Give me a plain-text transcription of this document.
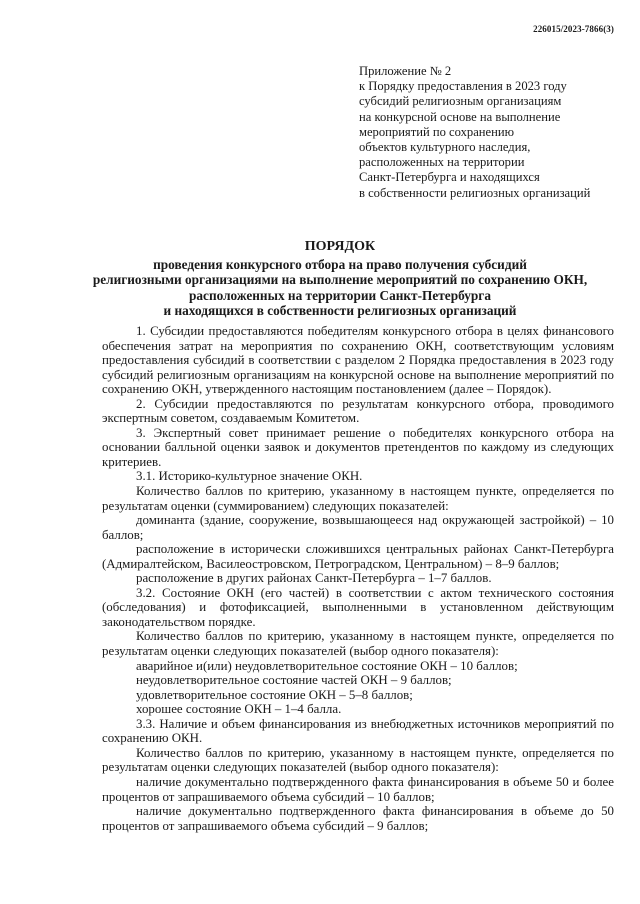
226015/2023-7866(3)
Приложение № 2
к Порядку предоставления в 2023 году
субсидий религиозным организациям
на конкурсной основе на выполнение
мероприятий по сохранению
объектов культурного наследия,
расположенных на территории
Санкт-Петербурга и находящихся
в собственности религиозных организаций
ПОРЯДОК
проведения конкурсного отбора на право получения субсидий
религиозными организациями на выполнение мероприятий по сохранению ОКН,
расположенных на территории Санкт-Петербурга
и находящихся в собственности религиозных организаций

1. Субсидии предоставляются победителям конкурсного отбора в целях финансового обеспечения затрат на мероприятия по сохранению ОКН, соответствующим условиям предоставления субсидий в соответствии с разделом 2 Порядка предоставления в 2023 году субсидий религиозным организациям на конкурсной основе на выполнение мероприятий по сохранению ОКН, утвержденного настоящим постановлением (далее – Порядок).

2. Субсидии предоставляются по результатам конкурсного отбора, проводимого экспертным советом, создаваемым Комитетом.

3. Экспертный совет принимает решение о победителях конкурсного отбора на основании балльной оценки заявок и документов претендентов по каждому из следующих критериев.

3.1. Историко-культурное значение ОКН.

Количество баллов по критерию, указанному в настоящем пункте, определяется по результатам оценки (суммированием) следующих показателей:

доминанта (здание, сооружение, возвышающееся над окружающей застройкой) – 10 баллов;

расположение в исторически сложившихся центральных районах Санкт-Петербурга (Адмиралтейском, Василеостровском, Петроградском, Центральном) – 8–9 баллов;

расположение в других районах Санкт-Петербурга – 1–7 баллов.

3.2. Состояние ОКН (его частей) в соответствии с актом технического состояния (обследования) и фотофиксацией, выполненными в установленном действующим законодательством порядке.

Количество баллов по критерию, указанному в настоящем пункте, определяется по результатам оценки следующих показателей (выбор одного показателя):

аварийное и(или) неудовлетворительное состояние ОКН – 10 баллов;

неудовлетворительное состояние частей ОКН – 9 баллов;

удовлетворительное состояние ОКН – 5–8 баллов;

хорошее состояние ОКН – 1–4 балла.

3.3. Наличие и объем финансирования из внебюджетных источников мероприятий по сохранению ОКН.

Количество баллов по критерию, указанному в настоящем пункте, определяется по результатам оценки следующих показателей (выбор одного показателя):

наличие документально подтвержденного факта финансирования в объеме 50 и более процентов от запрашиваемого объема субсидий – 10 баллов;

наличие документально подтвержденного факта финансирования в объеме до 50 процентов от запрашиваемого объема субсидий – 9 баллов;
